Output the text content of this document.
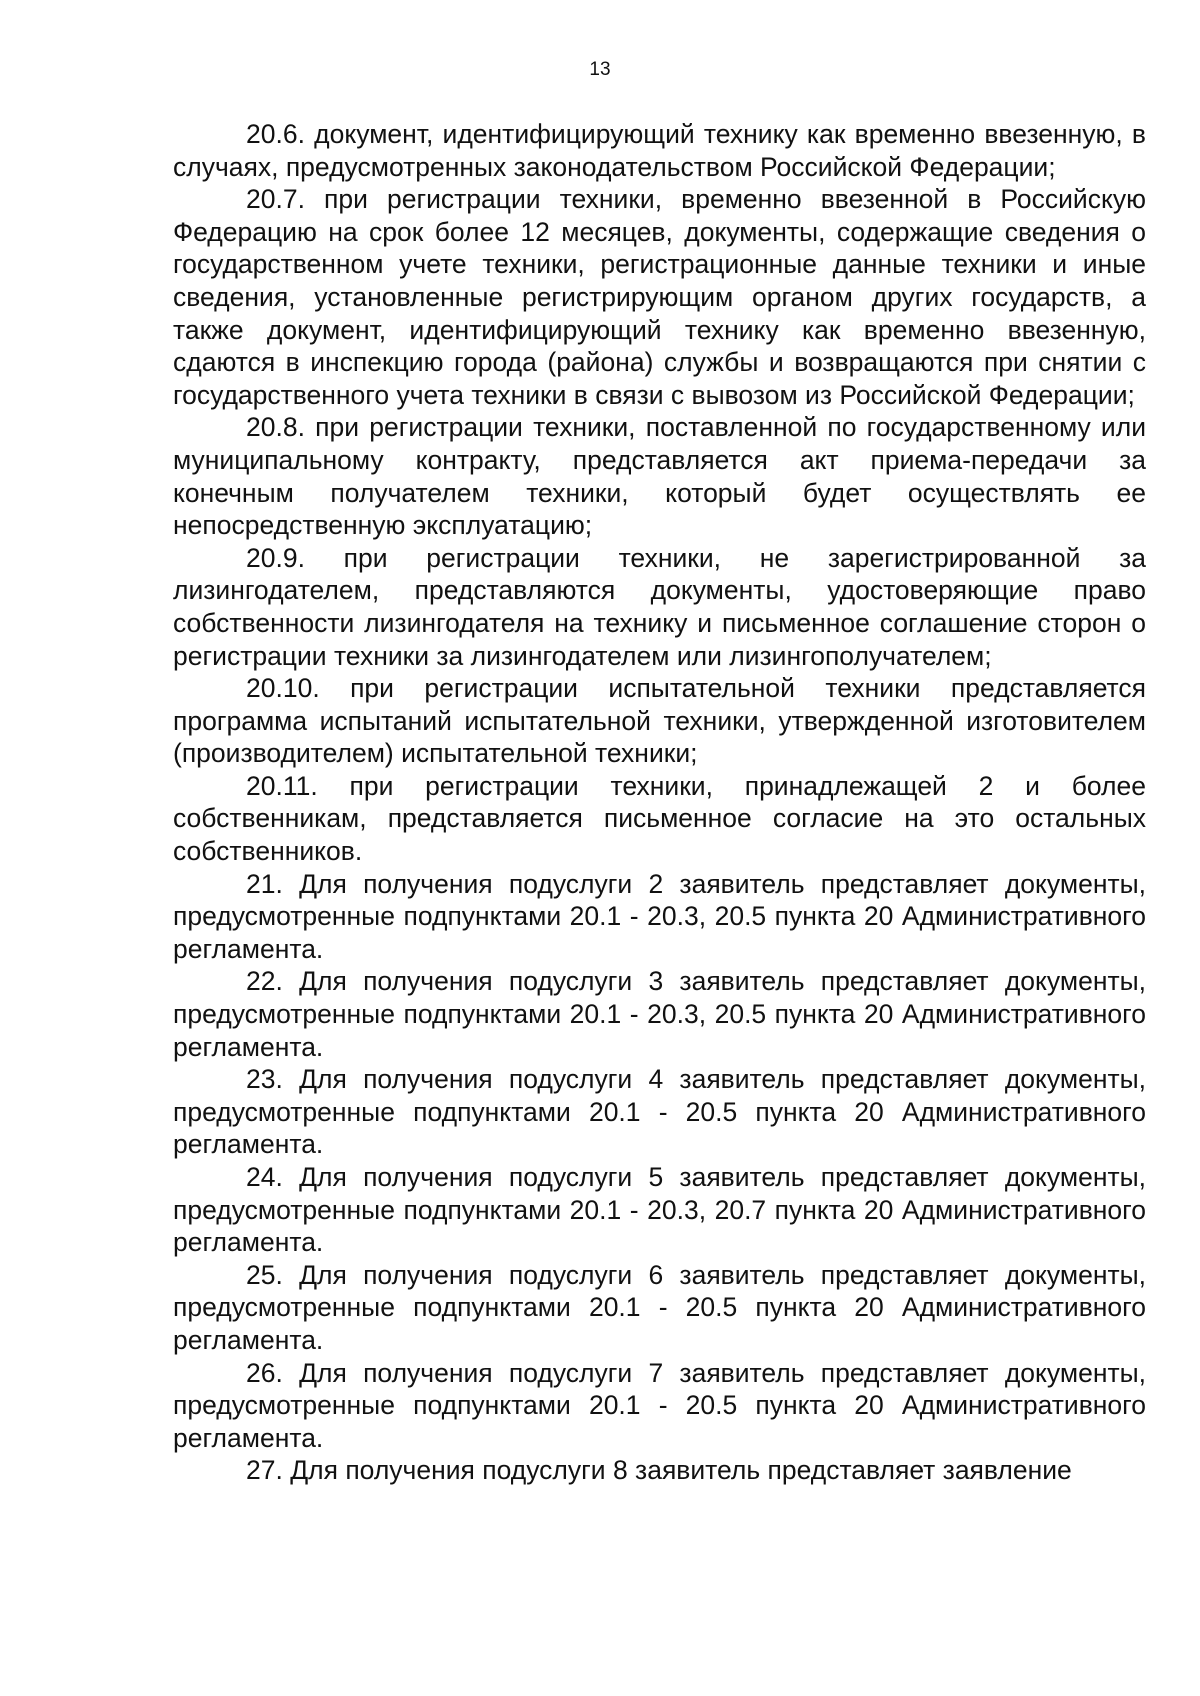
13

20.6. документ, идентифицирующий технику как временно ввезенную, в случаях, предусмотренных законодательством Российской Федерации;

20.7. при регистрации техники, временно ввезенной в Российскую Федерацию на срок более 12 месяцев, документы, содержащие сведения о государственном учете техники, регистрационные данные техники и иные сведения, установленные регистрирующим органом других государств, а также документ, идентифицирующий технику как временно ввезенную, сдаются в инспекцию города (района) службы и возвращаются при снятии с государственного учета техники в связи с вывозом из Российской Федерации;

20.8. при регистрации техники, поставленной по государственному или муниципальному контракту, представляется акт приема-передачи за конечным получателем техники, который будет осуществлять ее непосредственную эксплуатацию;

20.9. при регистрации техники, не зарегистрированной за лизингодателем, представляются документы, удостоверяющие право собственности лизингодателя на технику и письменное соглашение сторон о регистрации техники за лизингодателем или лизингополучателем;

20.10. при регистрации испытательной техники представляется программа испытаний испытательной техники, утвержденной изготовителем (производителем) испытательной техники;

20.11. при регистрации техники, принадлежащей 2 и более собственникам, представляется письменное согласие на это остальных собственников.

21. Для получения подуслуги 2 заявитель представляет документы, предусмотренные подпунктами 20.1 - 20.3, 20.5 пункта 20 Административного регламента.

22. Для получения подуслуги 3 заявитель представляет документы, предусмотренные подпунктами 20.1 - 20.3, 20.5 пункта 20 Административного регламента.

23. Для получения подуслуги 4 заявитель представляет документы, предусмотренные подпунктами 20.1 - 20.5 пункта 20 Административного регламента.

24. Для получения подуслуги 5 заявитель представляет документы, предусмотренные подпунктами 20.1 - 20.3, 20.7 пункта 20 Административного регламента.

25. Для получения подуслуги 6 заявитель представляет документы, предусмотренные подпунктами 20.1 - 20.5 пункта 20 Административного регламента.

26. Для получения подуслуги 7 заявитель представляет документы, предусмотренные подпунктами 20.1 - 20.5 пункта 20 Административного регламента.

27. Для получения подуслуги 8 заявитель представляет заявление
